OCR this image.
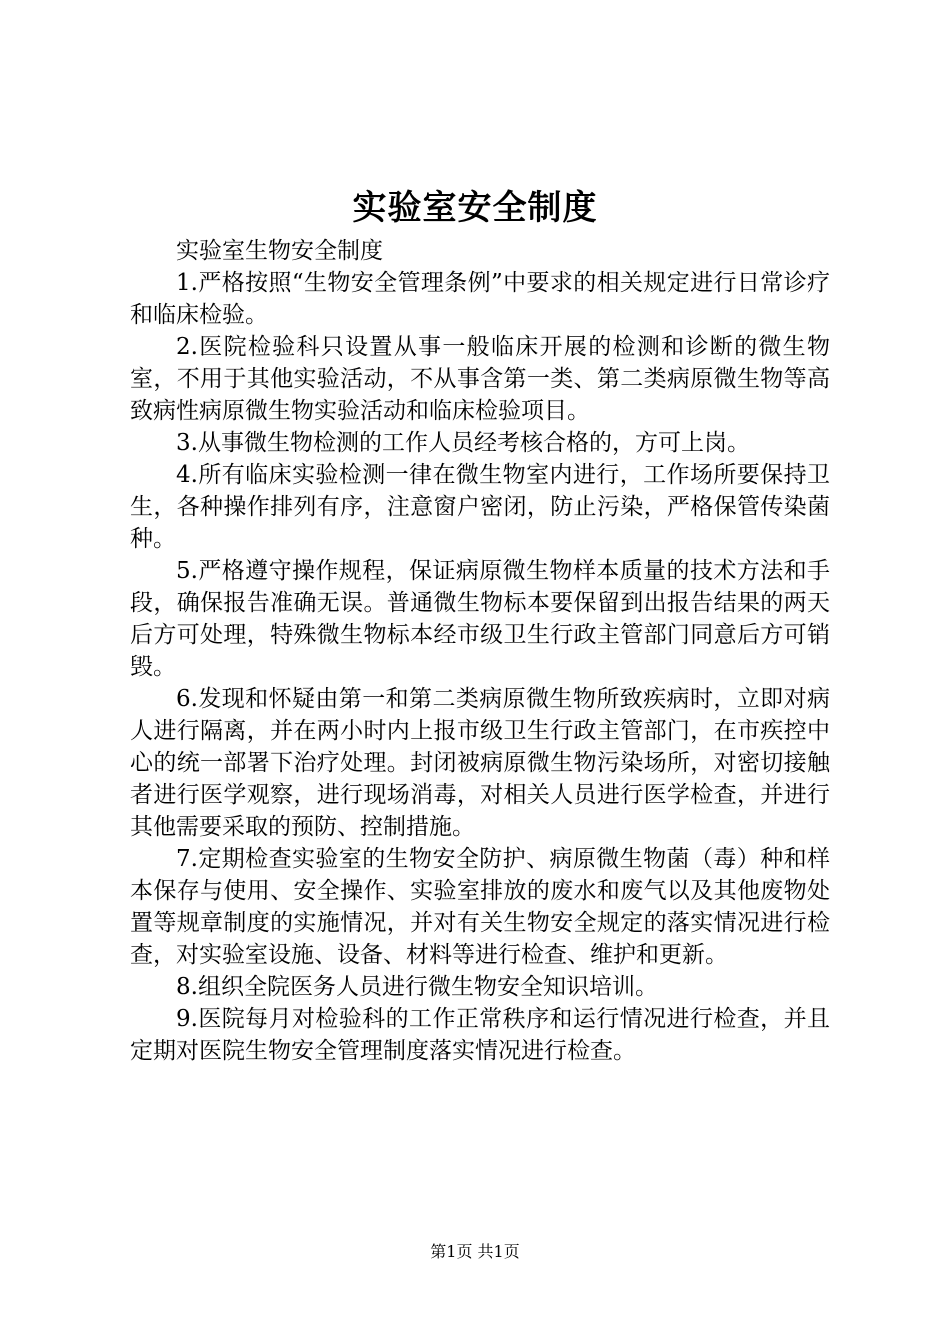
实验室安全制度

实验室生物安全制度

1.严格按照“生物安全管理条例”中要求的相关规定进行日常诊疗和临床检验。

2.医院检验科只设置从事一般临床开展的检测和诊断的微生物室，不用于其他实验活动，不从事含第一类、第二类病原微生物等高致病性病原微生物实验活动和临床检验项目。

3.从事微生物检测的工作人员经考核合格的，方可上岗。

4.所有临床实验检测一律在微生物室内进行，工作场所要保持卫生，各种操作排列有序，注意窗户密闭，防止污染，严格保管传染菌种。

5.严格遵守操作规程，保证病原微生物样本质量的技术方法和手段，确保报告准确无误。普通微生物标本要保留到出报告结果的两天后方可处理，特殊微生物标本经市级卫生行政主管部门同意后方可销毁。

6.发现和怀疑由第一和第二类病原微生物所致疾病时，立即对病人进行隔离，并在两小时内上报市级卫生行政主管部门，在市疾控中心的统一部署下治疗处理。封闭被病原微生物污染场所，对密切接触者进行医学观察，进行现场消毒，对相关人员进行医学检查，并进行其他需要采取的预防、控制措施。

7.定期检查实验室的生物安全防护、病原微生物菌（毒）种和样本保存与使用、安全操作、实验室排放的废水和废气以及其他废物处置等规章制度的实施情况，并对有关生物安全规定的落实情况进行检查，对实验室设施、设备、材料等进行检查、维护和更新。

8.组织全院医务人员进行微生物安全知识培训。

9.医院每月对检验科的工作正常秩序和运行情况进行检查，并且定期对医院生物安全管理制度落实情况进行检查。

第1页 共1页
